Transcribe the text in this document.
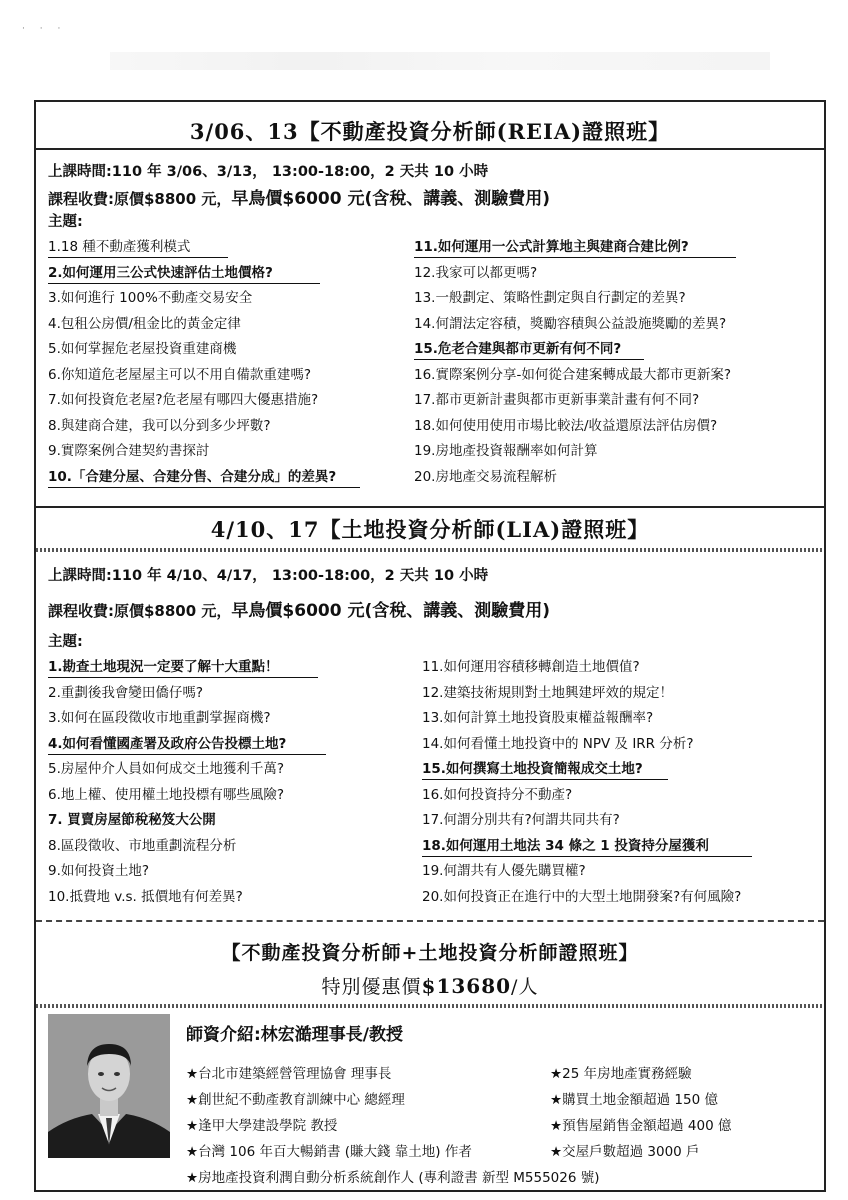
· · ·
3/06、13【不動產投資分析師(REIA)證照班】
上課時間:110 年 3/06、3/13， 13:00-18:00，2 天共 10 小時
課程收費:原價$8800 元，早鳥價$6000 元(含稅、講義、測驗費用)
主題:
1.18 種不動產獲利模式
2.如何運用三公式快速評估土地價格?
3.如何進行 100%不動產交易安全
4.包租公房價/租金比的黃金定律
5.如何掌握危老屋投資重建商機
6.你知道危老屋屋主可以不用自備款重建嗎?
7.如何投資危老屋?危老屋有哪四大優惠措施?
8.與建商合建，我可以分到多少坪數?
9.實際案例合建契約書探討
10.「合建分屋、合建分售、合建分成」的差異?
11.如何運用一公式計算地主與建商合建比例?
12.我家可以都更嗎?
13.一般劃定、策略性劃定與自行劃定的差異?
14.何謂法定容積，獎勵容積與公益設施獎勵的差異?
15.危老合建與都市更新有何不同?
16.實際案例分享-如何從合建案轉成最大都市更新案?
17.都市更新計畫與都市更新事業計畫有何不同?
18.如何使用使用市場比較法/收益還原法評估房價?
19.房地產投資報酬率如何計算
20.房地產交易流程解析
4/10、17【土地投資分析師(LIA)證照班】
上課時間:110 年 4/10、4/17， 13:00-18:00，2 天共 10 小時
課程收費:原價$8800 元，早鳥價$6000 元(含稅、講義、測驗費用)
主題:
1.勘查土地現況一定要了解十大重點！
2.重劃後我會變田僑仔嗎?
3.如何在區段徵收市地重劃掌握商機?
4.如何看懂國產署及政府公告投標土地?
5.房屋仲介人員如何成交土地獲利千萬?
6.地上權、使用權土地投標有哪些風險?
7. 買賣房屋節稅秘笈大公開
8.區段徵收、市地重劃流程分析
9.如何投資土地?
10.抵費地 v.s. 抵價地有何差異?
11.如何運用容積移轉創造土地價值?
12.建築技術規則對土地興建坪效的規定！
13.如何計算土地投資股東權益報酬率?
14.如何看懂土地投資中的 NPV 及 IRR 分析?
15.如何撰寫土地投資簡報成交土地?
16.如何投資持分不動產?
17.何謂分別共有?何謂共同共有?
18.如何運用土地法 34 條之 1 投資持分屋獲利
19.何謂共有人優先購買權?
20.如何投資正在進行中的大型土地開發案?有何風險?
【不動產投資分析師+土地投資分析師證照班】
特別優惠價$13680/人
師資介紹:林宏澔理事長/教授
★台北市建築經營管理協會 理事長
★創世紀不動產教育訓練中心 總經理
★逢甲大學建設學院 教授
★台灣 106 年百大暢銷書 (賺大錢 靠土地) 作者
★房地產投資利潤自動分析系統創作人 (專利證書 新型 M555026 號)
★25 年房地產實務經驗
★購買土地金額超過 150 億
★預售屋銷售金額超過 400 億
★交屋戶數超過 3000 戶
